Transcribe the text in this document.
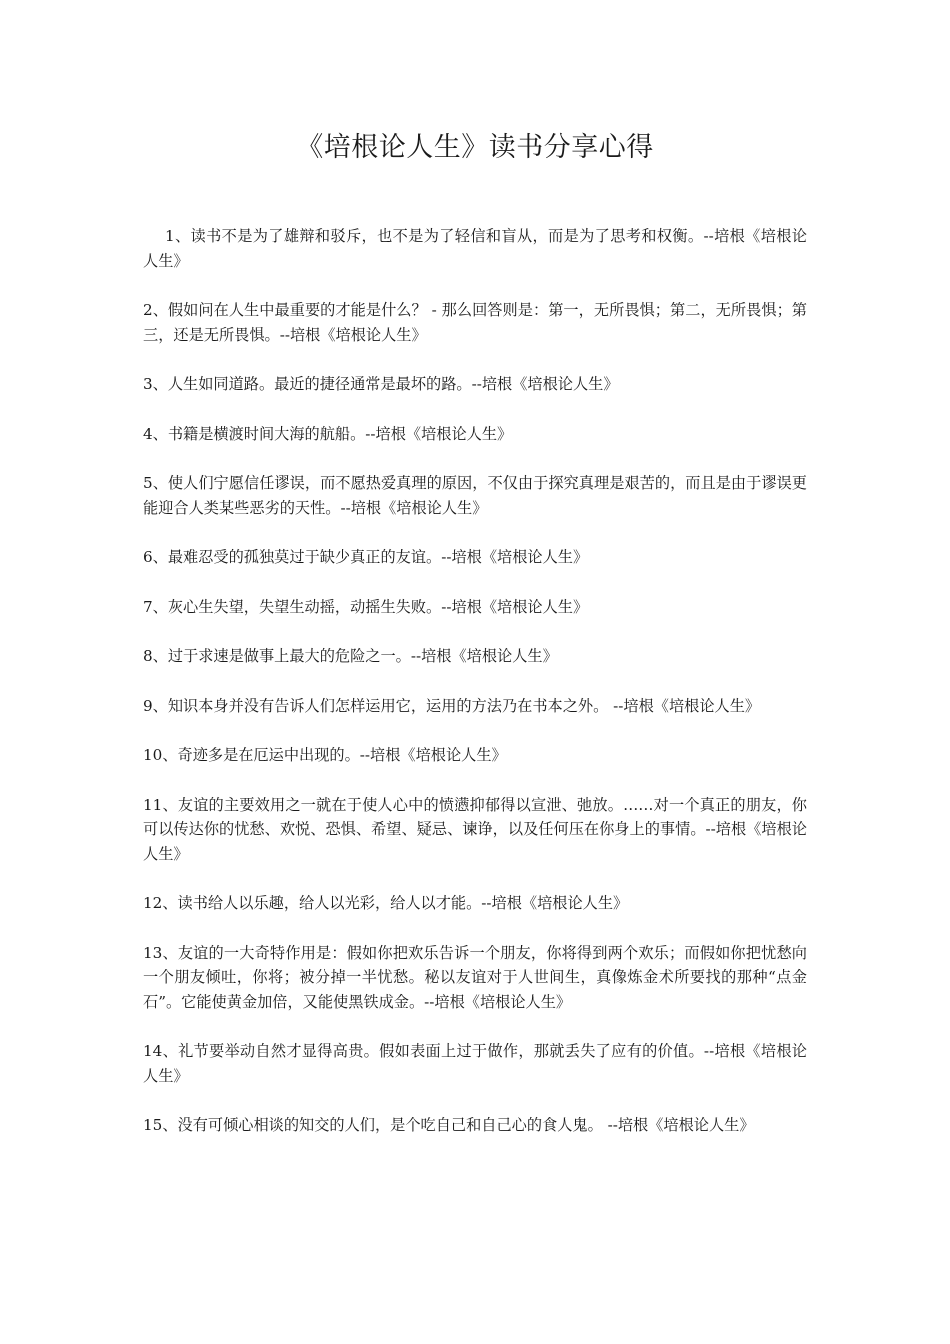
《培根论人生》读书分享心得
1、读书不是为了雄辩和驳斥，也不是为了轻信和盲从，而是为了思考和权衡。--培根《培根论人生》
2、假如问在人生中最重要的才能是什么？ - 那么回答则是：第一，无所畏惧；第二，无所畏惧；第三，还是无所畏惧。--培根《培根论人生》
3、人生如同道路。最近的捷径通常是最坏的路。--培根《培根论人生》
4、书籍是横渡时间大海的航船。--培根《培根论人生》
5、使人们宁愿信任谬误，而不愿热爱真理的原因，不仅由于探究真理是艰苦的，而且是由于谬误更能迎合人类某些恶劣的天性。--培根《培根论人生》
6、最难忍受的孤独莫过于缺少真正的友谊。--培根《培根论人生》
7、灰心生失望，失望生动摇，动摇生失败。--培根《培根论人生》
8、过于求速是做事上最大的危险之一。--培根《培根论人生》
9、知识本身并没有告诉人们怎样运用它，运用的方法乃在书本之外。 --培根《培根论人生》
10、奇迹多是在厄运中出现的。--培根《培根论人生》
11、友谊的主要效用之一就在于使人心中的愤懑抑郁得以宣泄、弛放。……对一个真正的朋友，你可以传达你的忧愁、欢悦、恐惧、希望、疑忌、谏诤，以及任何压在你身上的事情。--培根《培根论人生》
12、读书给人以乐趣，给人以光彩，给人以才能。--培根《培根论人生》
13、友谊的一大奇特作用是：假如你把欢乐告诉一个朋友，你将得到两个欢乐；而假如你把忧愁向一个朋友倾吐，你将；被分掉一半忧愁。秘以友谊对于人世间生，真像炼金术所要找的那种“点金石”。它能使黄金加倍，又能使黑铁成金。--培根《培根论人生》
14、礼节要举动自然才显得高贵。假如表面上过于做作，那就丢失了应有的价值。--培根《培根论人生》
15、没有可倾心相谈的知交的人们，是个吃自己和自己心的食人鬼。 --培根《培根论人生》
